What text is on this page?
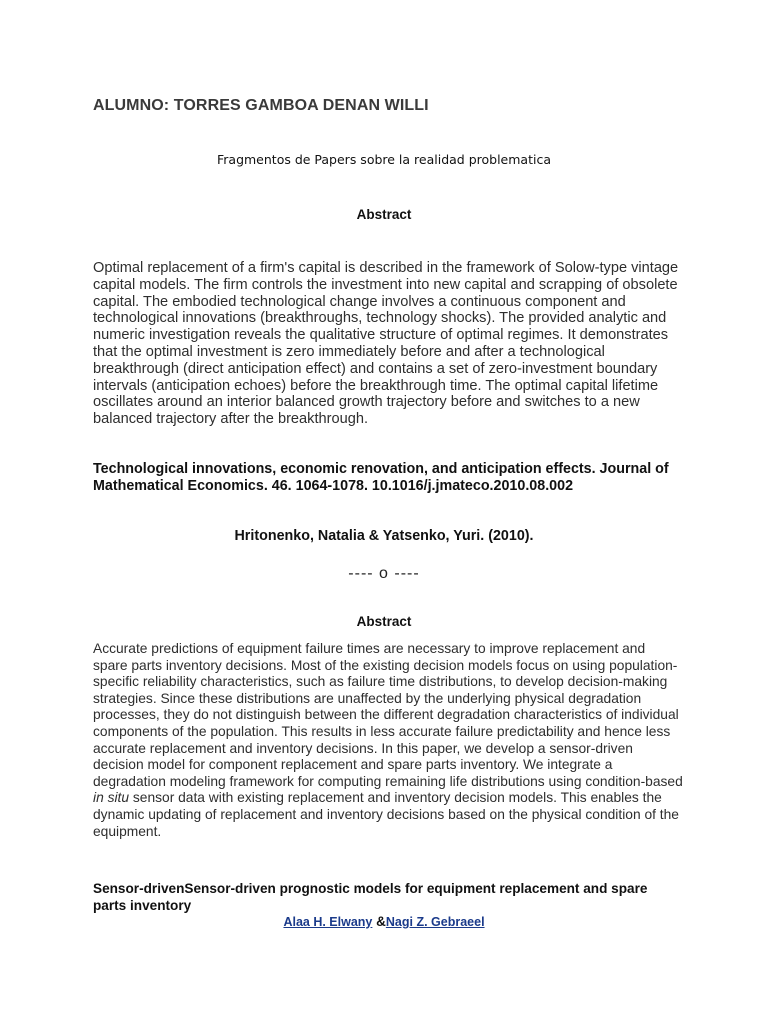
ALUMNO: TORRES GAMBOA DENAN WILLI
Fragmentos de Papers sobre la realidad problematica
Abstract
Optimal replacement of a firm's capital is described in the framework of Solow-type vintage capital models. The firm controls the investment into new capital and scrapping of obsolete capital. The embodied technological change involves a continuous component and technological innovations (breakthroughs, technology shocks). The provided analytic and numeric investigation reveals the qualitative structure of optimal regimes. It demonstrates that the optimal investment is zero immediately before and after a technological breakthrough (direct anticipation effect) and contains a set of zero-investment boundary intervals (anticipation echoes) before the breakthrough time. The optimal capital lifetime oscillates around an interior balanced growth trajectory before and switches to a new balanced trajectory after the breakthrough.
Technological innovations, economic renovation, and anticipation effects. Journal of Mathematical Economics. 46. 1064-1078. 10.1016/j.jmateco.2010.08.002
Hritonenko, Natalia & Yatsenko, Yuri. (2010).
---- o ----
Abstract
Accurate predictions of equipment failure times are necessary to improve replacement and spare parts inventory decisions. Most of the existing decision models focus on using population-specific reliability characteristics, such as failure time distributions, to develop decision-making strategies. Since these distributions are unaffected by the underlying physical degradation processes, they do not distinguish between the different degradation characteristics of individual components of the population. This results in less accurate failure predictability and hence less accurate replacement and inventory decisions. In this paper, we develop a sensor-driven decision model for component replacement and spare parts inventory. We integrate a degradation modeling framework for computing remaining life distributions using condition-based in situ sensor data with existing replacement and inventory decision models. This enables the dynamic updating of replacement and inventory decisions based on the physical condition of the equipment.
Sensor-drivenSensor-driven prognostic models for equipment replacement and spare parts inventory
Alaa H. Elwany &Nagi Z. Gebraeel
